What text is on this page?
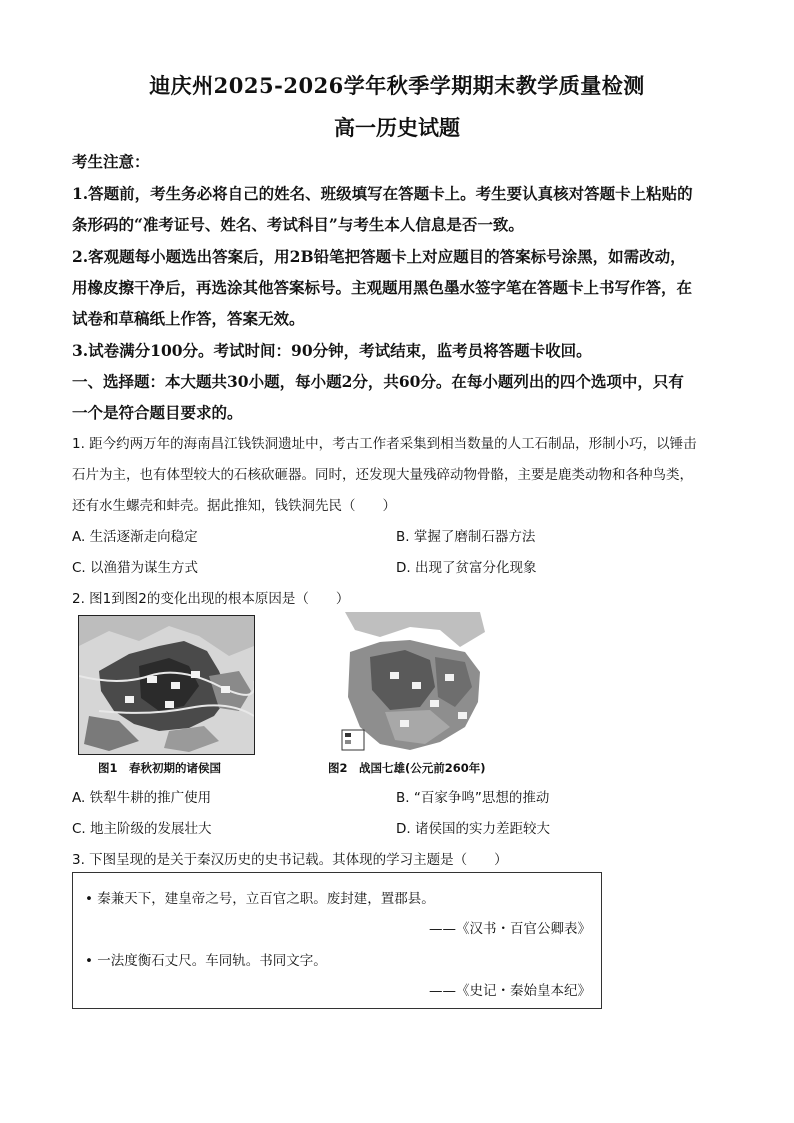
迪庆州2025-2026学年秋季学期期末教学质量检测
高一历史试题
考生注意：
1.答题前，考生务必将自己的姓名、班级填写在答题卡上。考生要认真核对答题卡上粘贴的
条形码的“准考证号、姓名、考试科目”与考生本人信息是否一致。
2.客观题每小题选出答案后，用2B铅笔把答题卡上对应题目的答案标号涂黑，如需改动，
用橡皮擦干净后，再选涂其他答案标号。主观题用黑色墨水签字笔在答题卡上书写作答，在
试卷和草稿纸上作答，答案无效。
3.试卷满分100分。考试时间：90分钟，考试结束，监考员将答题卡收回。
一、选择题：本大题共30小题，每小题2分，共60分。在每小题列出的四个选项中，只有
一个是符合题目要求的。
1. 距今约两万年的海南昌江钱铁洞遗址中，考古工作者采集到相当数量的人工石制品，形制小巧，以锤击
石片为主，也有体型较大的石核砍砸器。同时，还发现大量残碎动物骨骼，主要是鹿类动物和各种鸟类，
还有水生螺壳和蚌壳。据此推知，钱铁洞先民（　　）
A. 生活逐渐走向稳定	B. 掌握了磨制石器方法
C. 以渔猎为谋生方式	D. 出现了贫富分化现象
2. 图1到图2的变化出现的根本原因是（　　）
图1　春秋初期的诸侯国	图2　战国七雄(公元前260年)
A. 铁犁牛耕的推广使用	B. “百家争鸣”思想的推动
C. 地主阶级的发展壮大	D. 诸侯国的实力差距较大
3. 下图呈现的是关于秦汉历史的史书记载。其体现的学习主题是（　　）
• 秦兼天下，建皇帝之号，立百官之职。废封建，置郡县。
——《汉书・百官公卿表》
• 一法度衡石丈尺。车同轨。书同文字。
——《史记・秦始皇本纪》
